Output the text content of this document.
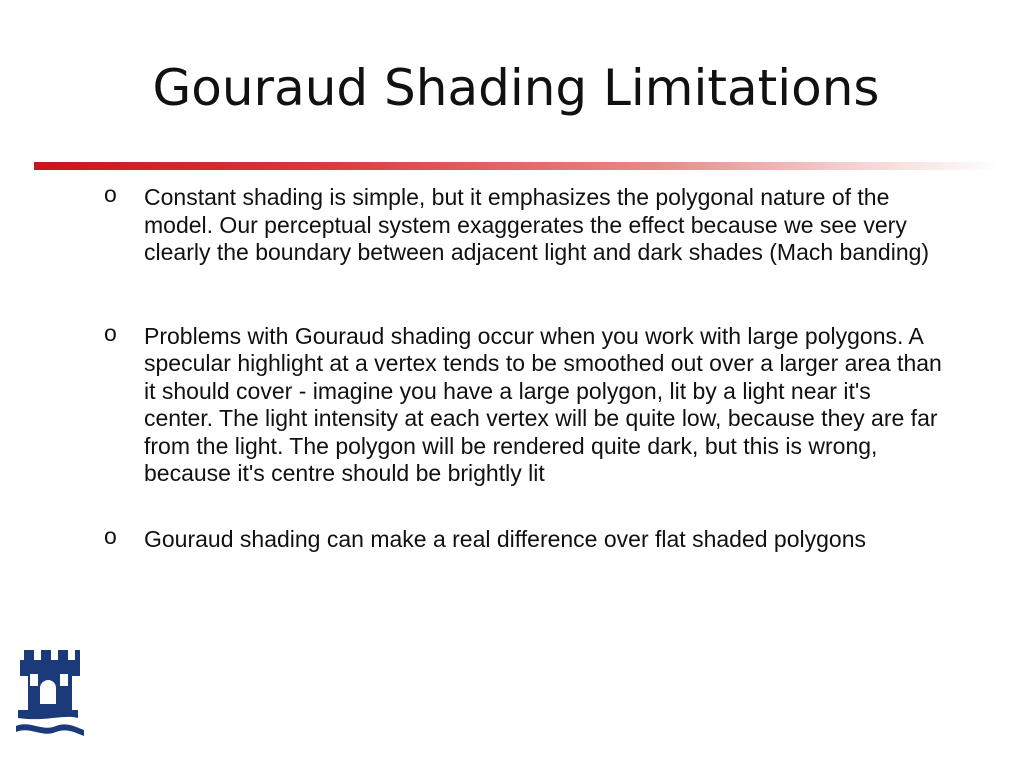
Gouraud Shading Limitations
o Constant shading is simple, but it emphasizes the polygonal nature of the model. Our perceptual system exaggerates the effect because we see very clearly the boundary between adjacent light and dark shades (Mach banding)
o Problems with Gouraud shading occur when you work with large polygons. A specular highlight at a vertex tends to be smoothed out over a larger area than it should cover - imagine you have a large polygon, lit by a light near it's center. The light intensity at each vertex will be quite low, because they are far from the light. The polygon will be rendered quite dark, but this is wrong, because it's centre should be brightly lit
o Gouraud shading can make a real difference over flat shaded polygons
